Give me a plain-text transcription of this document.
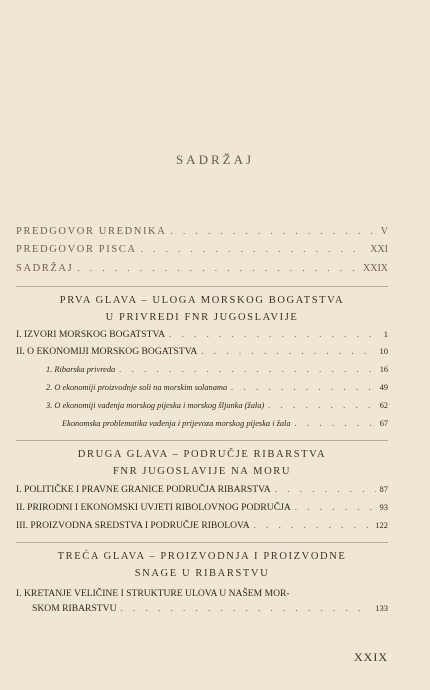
SADRŽAJ
PREDGOVOR UREDNIKA . . .	V
PREDGOVOR PISCA . . .	XXI
SADRŽAJ . . .	XXIX
PRVA GLAVA – ULOGA MORSKOG BOGATSTVA
U PRIVREDI FNR JUGOSLAVIJE
I. IZVORI MORSKOG BOGATSTVA . . .	1
II. O EKONOMIJI MORSKOG BOGATSTVA . . .	10
1. Ribarska privreda . . .	16
2. O ekonomiji proizvodnje soli na morskim solanama . . .	49
3. O ekonomiji vađenja morskog pijeska i morskog šljunka (žala) . . .	62
Ekonomska problematika vađenja i prijevoza morskog pijeska i žala . . .	67
DRUGA GLAVA – PODRUČJE RIBARSTVA
FNR JUGOSLAVIJE NA MORU
I. POLITIČKE I PRAVNE GRANICE PODRUČJA RIBARSTVA . . .	87
II. PRIRODNI I EKONOMSKI UVJETI RIBOLOVNOG PODRUČJA . . .	93
III. PROIZVODNA SREDSTVA I PODRUČJE RIBOLOVA . . .	122
TREĆA GLAVA – PROIZVODNJA I PROIZVODNE
SNAGE U RIBARSTVU
I. KRETANJE VELIČINE I STRUKTURE ULOVA U NAŠEM MOR-
SKOM RIBARSTVU . . .	133
XXIX
